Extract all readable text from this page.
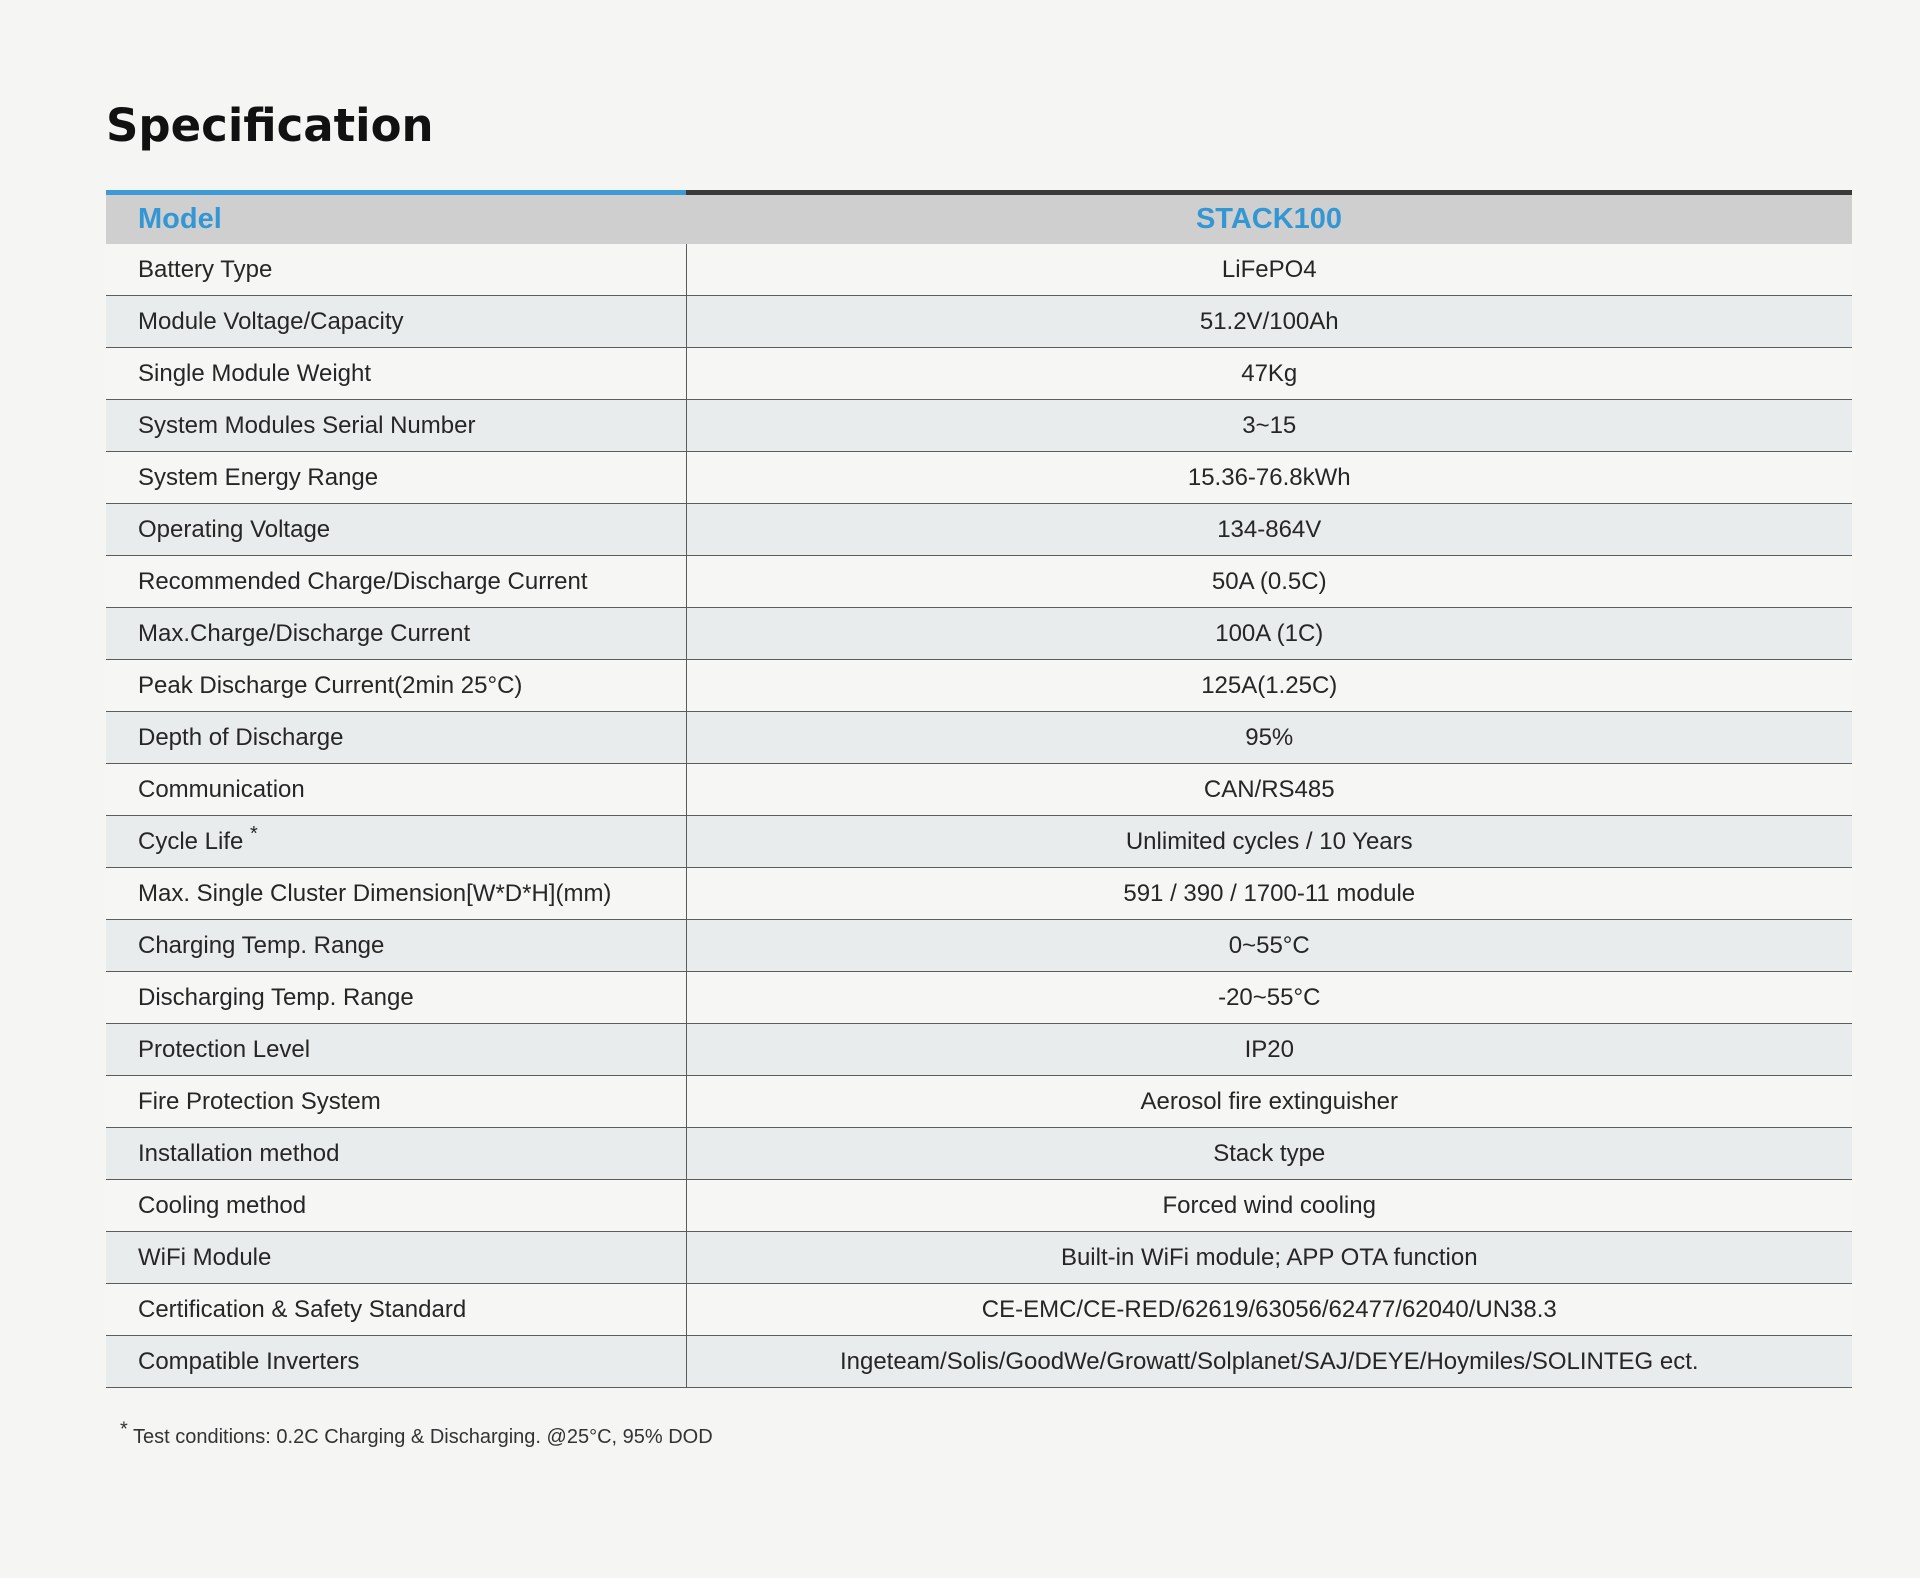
Specification
Model	STACK100
Battery Type	LiFePO4
Module Voltage/Capacity	51.2V/100Ah
Single Module Weight	47Kg
System Modules Serial Number	3~15
System Energy Range	15.36-76.8kWh
Operating Voltage	134-864V
Recommended Charge/Discharge Current	50A (0.5C)
Max.Charge/Discharge Current	100A (1C)
Peak Discharge Current(2min 25°C)	125A(1.25C)
Depth of Discharge	95%
Communication	CAN/RS485
Cycle Life *	Unlimited cycles / 10 Years
Max. Single Cluster Dimension[W*D*H](mm)	591 / 390 / 1700-11 module
Charging Temp. Range	0~55°C
Discharging Temp. Range	-20~55°C
Protection Level	IP20
Fire Protection System	Aerosol fire extinguisher
Installation method	Stack type
Cooling method	Forced wind cooling
WiFi Module	Built-in WiFi module; APP OTA function
Certification & Safety Standard	CE-EMC/CE-RED/62619/63056/62477/62040/UN38.3
Compatible Inverters	Ingeteam/Solis/GoodWe/Growatt/Solplanet/SAJ/DEYE/Hoymiles/SOLINTEG ect.
* Test conditions: 0.2C Charging & Discharging. @25°C, 95% DOD
